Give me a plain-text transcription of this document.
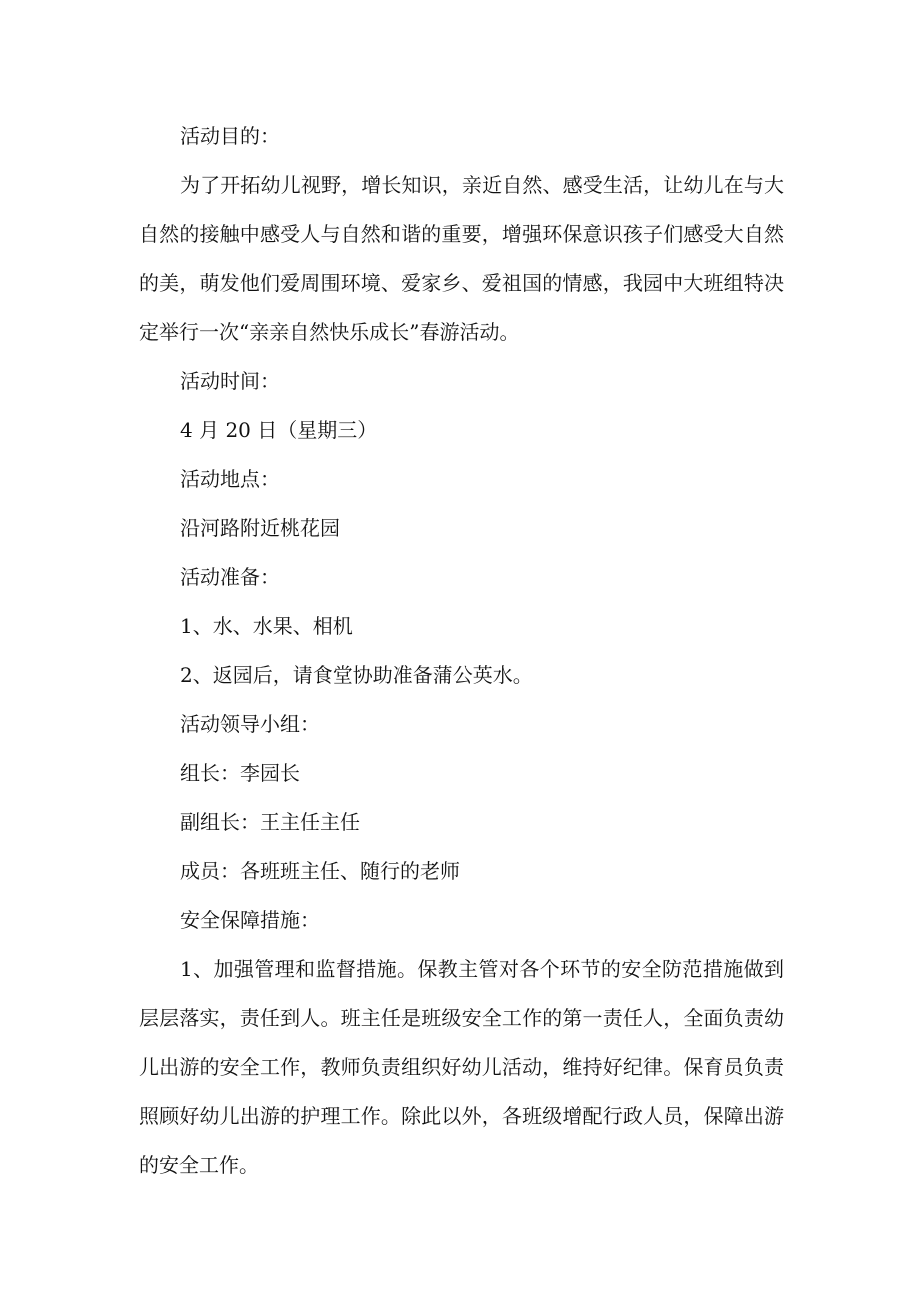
活动目的：
为了开拓幼儿视野，增长知识，亲近自然、感受生活，让幼儿在与大自然的接触中感受人与自然和谐的重要，增强环保意识孩子们感受大自然的美，萌发他们爱周围环境、爱家乡、爱祖国的情感，我园中大班组特决定举行一次“亲亲自然快乐成长”春游活动。
活动时间：
4 月 20 日（星期三）
活动地点：
沿河路附近桃花园
活动准备：
1、水、水果、相机
2、返园后，请食堂协助准备蒲公英水。
活动领导小组：
组长：李园长
副组长：王主任主任
成员：各班班主任、随行的老师
安全保障措施：
1、加强管理和监督措施。保教主管对各个环节的安全防范措施做到层层落实，责任到人。班主任是班级安全工作的第一责任人，全面负责幼儿出游的安全工作，教师负责组织好幼儿活动，维持好纪律。保育员负责照顾好幼儿出游的护理工作。除此以外，各班级增配行政人员，保障出游的安全工作。
